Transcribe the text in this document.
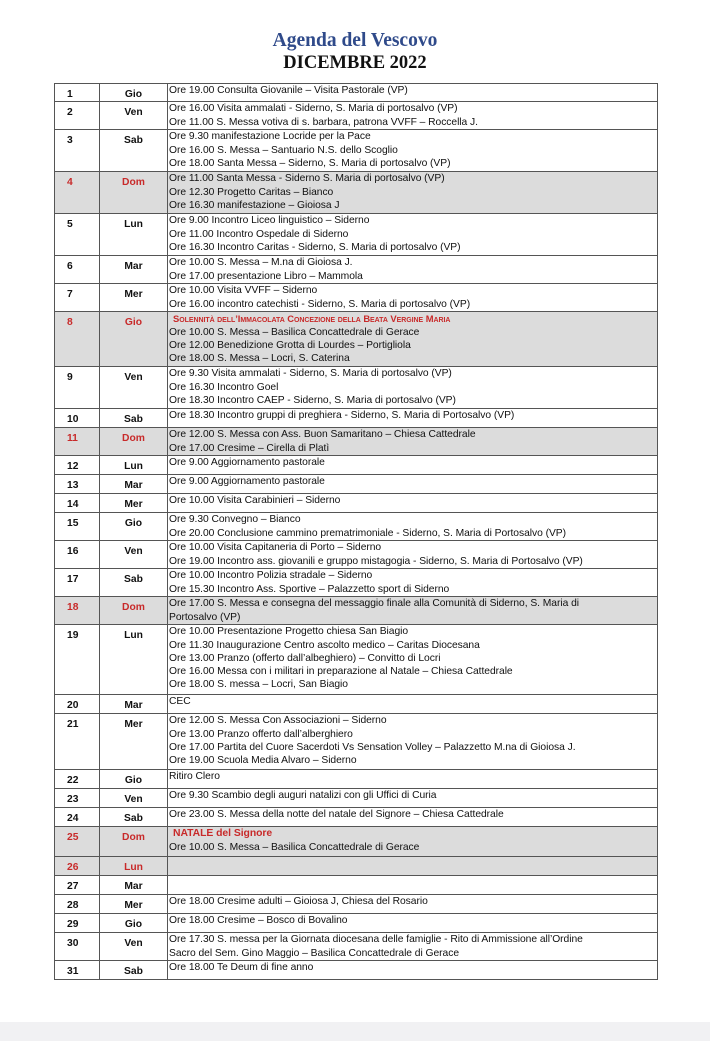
Agenda del Vescovo
DICEMBRE 2022
1	Gio	Ore 19.00 Consulta Giovanile – Visita Pastorale (VP)

2	Ven	Ore 16.00 Visita ammalati - Siderno, S. Maria di portosalvo (VP)
Ore 11.00 S. Messa votiva di s. barbara, patrona VVFF – Roccella J.

3	Sab	Ore 9.30 manifestazione Locride per la Pace
Ore 16.00 S. Messa – Santuario N.S. dello Scoglio
Ore 18.00 Santa Messa – Siderno, S. Maria di portosalvo (VP)

4	Dom	Ore 11.00 Santa Messa - Siderno S. Maria di portosalvo (VP)
Ore 12.30 Progetto Caritas – Bianco
Ore 16.30 manifestazione – Gioiosa J

5	Lun	Ore 9.00 Incontro Liceo linguistico – Siderno
Ore 11.00 Incontro Ospedale di Siderno
Ore 16.30 Incontro Caritas - Siderno, S. Maria di portosalvo (VP)

6	Mar	Ore 10.00 S. Messa – M.na di Gioiosa J.
Ore 17.00 presentazione Libro – Mammola

7	Mer	Ore 10.00 Visita VVFF – Siderno
Ore 16.00 incontro catechisti - Siderno, S. Maria di portosalvo (VP)

8	Gio	Solennità dell’Immacolata Concezione della Beata Vergine Maria
Ore 10.00 S. Messa – Basilica Concattedrale di Gerace
Ore 12.00 Benedizione Grotta di Lourdes – Portigliola
Ore 18.00 S. Messa – Locri, S. Caterina

9	Ven	Ore 9.30 Visita ammalati - Siderno, S. Maria di portosalvo (VP)
Ore 16.30 Incontro Goel
Ore 18.30 Incontro CAEP - Siderno, S. Maria di portosalvo (VP)

10	Sab	Ore 18.30 Incontro gruppi di preghiera - Siderno, S. Maria di Portosalvo (VP)

11	Dom	Ore 12.00 S. Messa con Ass. Buon Samaritano – Chiesa Cattedrale
Ore 17.00 Cresime – Cirella di Platì

12	Lun	Ore 9.00 Aggiornamento pastorale

13	Mar	Ore 9.00 Aggiornamento pastorale

14	Mer	Ore 10.00 Visita Carabinieri – Siderno

15	Gio	Ore 9.30 Convegno – Bianco
Ore 20.00 Conclusione cammino prematrimoniale - Siderno, S. Maria di Portosalvo (VP)

16	Ven	Ore 10.00 Visita Capitaneria di Porto – Siderno
Ore 19.00 Incontro ass. giovanili e gruppo mistagogia - Siderno, S. Maria di Portosalvo (VP)

17	Sab	Ore 10.00 Incontro Polizia stradale – Siderno
Ore 15.30 Incontro Ass. Sportive – Palazzetto sport di Siderno

18	Dom	Ore 17.00 S. Messa e consegna del messaggio finale alla Comunità di Siderno, S. Maria di
Portosalvo (VP)

19	Lun	Ore 10.00 Presentazione Progetto chiesa San Biagio
Ore 11.30 Inaugurazione Centro ascolto medico – Caritas Diocesana
Ore 13.00 Pranzo (offerto dall’albeghiero) – Convitto di Locri
Ore 16.00 Messa con i militari in preparazione al Natale – Chiesa Cattedrale
Ore 18.00 S. messa – Locri, San Biagio

20	Mar	CEC

21	Mer	Ore 12.00 S. Messa Con Associazioni – Siderno
Ore 13.00 Pranzo offerto dall’alberghiero
Ore 17.00 Partita del Cuore Sacerdoti Vs Sensation Volley – Palazzetto M.na di Gioiosa J.
Ore 19.00 Scuola Media Alvaro – Siderno

22	Gio	Ritiro Clero

23	Ven	Ore 9.30 Scambio degli auguri natalizi con gli Uffici di Curia

24	Sab	Ore 23.00 S. Messa della notte del natale del Signore – Chiesa Cattedrale

25	Dom	NATALE del Signore
Ore 10.00 S. Messa – Basilica Concattedrale di Gerace

26	Lun	
27	Mar	
28	Mer	Ore 18.00 Cresime adulti – Gioiosa J, Chiesa del Rosario

29	Gio	Ore 18.00 Cresime – Bosco di Bovalino

30	Ven	Ore 17.30 S. messa per la Giornata diocesana delle famiglie - Rito di Ammissione all’Ordine
Sacro del Sem. Gino Maggio – Basilica Concattedrale di Gerace

31	Sab	Ore 18.00 Te Deum di fine anno
